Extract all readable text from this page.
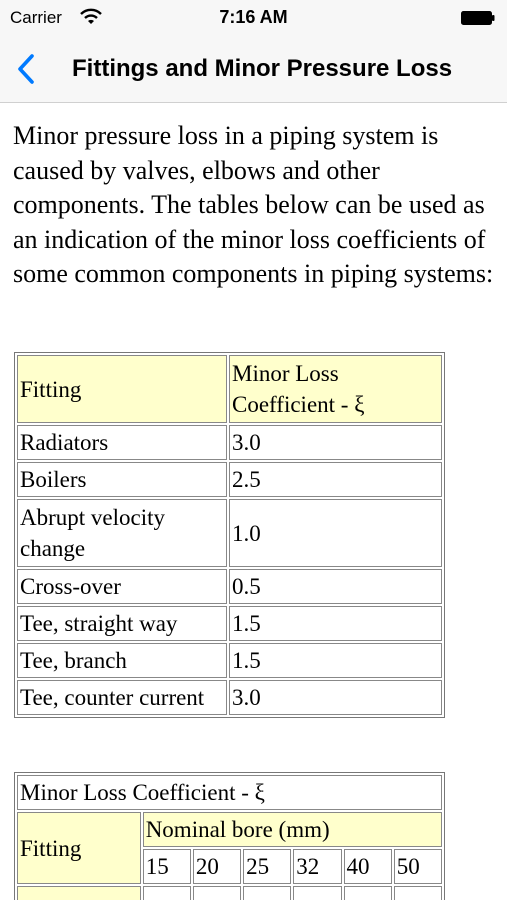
Carrier	7:16 AM
Fittings and Minor Pressure Loss

Minor pressure loss in a piping system is caused by valves, elbows and other components. The tables below can be used as an indication of the minor loss coefficients of some common components in piping systems:

Fitting	Minor Loss Coefficient - ξ
Radiators	3.0
Boilers	2.5
Abrupt velocity change	1.0
Cross-over	0.5
Tee, straight way	1.5
Tee, branch	1.5
Tee, counter current	3.0
Minor Loss Coefficient - ξ						
Fitting	Nominal bore (mm)					
	15	20	25	32	40	50
